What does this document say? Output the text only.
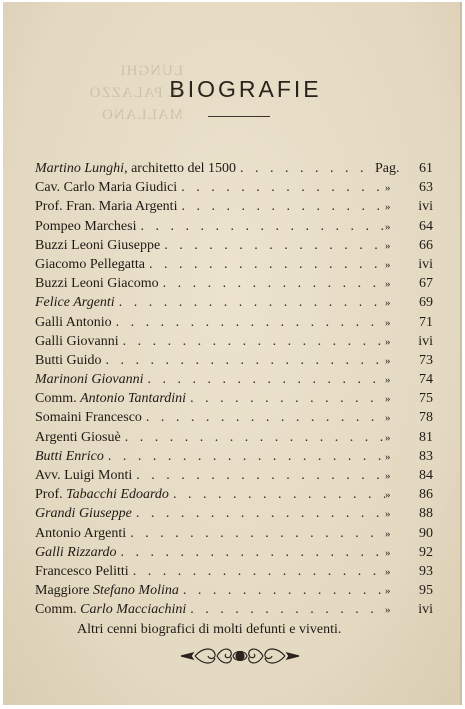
LUNGHI
IL PALAZZO
MALLANO
BIOGRAFIE
Martino Lunghi, architetto del 1500 . . .	Pag.	61
Cav. Carlo Maria Giudici . . .	»	63
Prof. Fran. Maria Argenti . . .	»	ivi
Pompeo Marchesi . . .	»	64
Buzzi Leoni Giuseppe . . .	»	66
Giacomo Pellegatta . . .	»	ivi
Buzzi Leoni Giacomo . . .	»	67
Felice Argenti . . .	»	69
Galli Antonio . . .	»	71
Galli Giovanni . . .	»	ivi
Butti Guido . . .	»	73
Marinoni Giovanni . . .	»	74
Comm. Antonio Tantardini . . .	»	75
Somaini Francesco . . .	»	78
Argenti Giosuè . . .	»	81
Butti Enrico . . .	»	83
Avv. Luigi Monti . . .	»	84
Prof. Tabacchi Edoardo . . .	»	86
Grandi Giuseppe . . .	»	88
Antonio Argenti . . .	»	90
Galli Rizzardo . . .	»	92
Francesco Pelitti . . .	»	93
Maggiore Stefano Molina . . .	»	95
Comm. Carlo Macciachini . . .	»	ivi
Altri cenni biografici di molti defunti e viventi.
